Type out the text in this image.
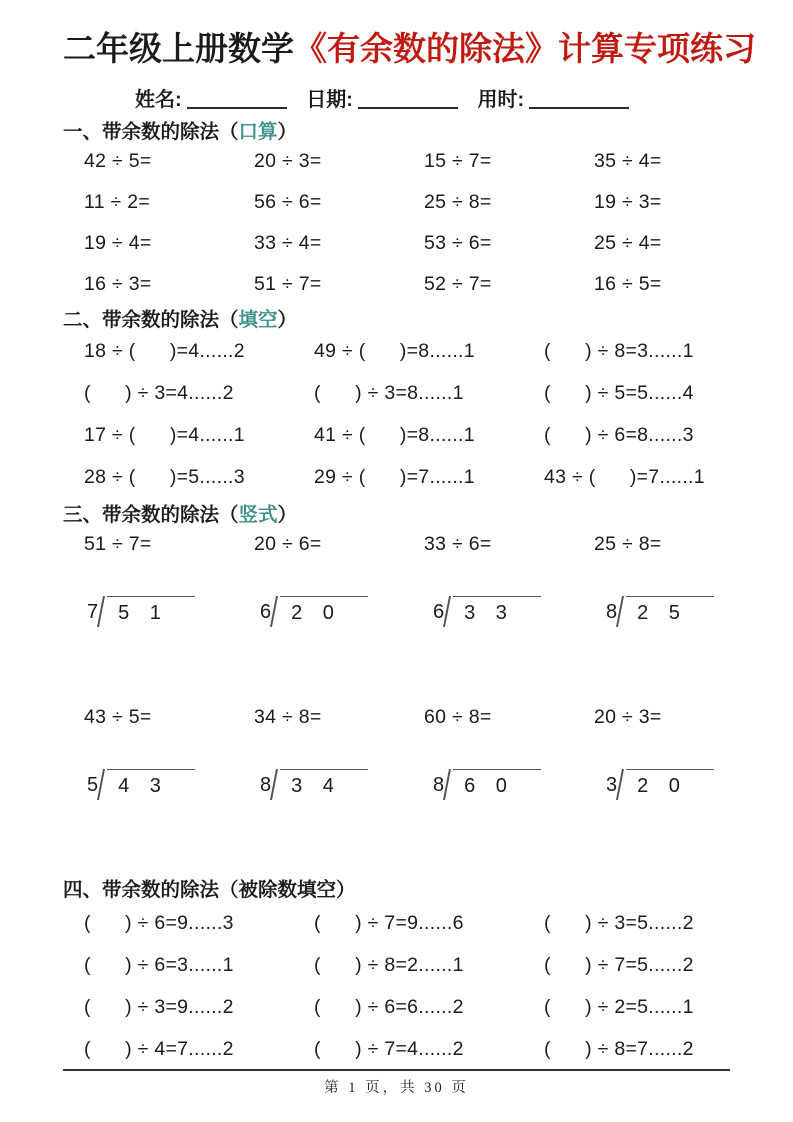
二年级上册数学《有余数的除法》计算专项练习
姓名:	日期:	用时:
一、带余数的除法（口算）
42 ÷ 5=	20 ÷ 3=	15 ÷ 7=	35 ÷ 4=
11 ÷ 2=	56 ÷ 6=	25 ÷ 8=	19 ÷ 3=
19 ÷ 4=	33 ÷ 4=	53 ÷ 6=	25 ÷ 4=
16 ÷ 3=	51 ÷ 7=	52 ÷ 7=	16 ÷ 5=
二、带余数的除法（填空）
18 ÷ (      )=4......2	49 ÷ (      )=8......1	(      ) ÷ 8=3......1
(      ) ÷ 3=4......2	(      ) ÷ 3=8......1	(      ) ÷ 5=5......4
17 ÷ (      )=4......1	41 ÷ (      )=8......1	(      ) ÷ 6=8......3
28 ÷ (      )=5......3	29 ÷ (      )=7......1	43 ÷ (      )=7......1
三、带余数的除法（竖式）
51 ÷ 7=	20 ÷ 6=	33 ÷ 6=	25 ÷ 8=
7	5 1	6	2 0	6	3 3	8	2 5
43 ÷ 5=	34 ÷ 8=	60 ÷ 8=	20 ÷ 3=
5	4 3	8	3 4	8	6 0	3	2 0
四、带余数的除法（被除数填空）
(      ) ÷ 6=9......3	(      ) ÷ 7=9......6	(      ) ÷ 3=5......2
(      ) ÷ 6=3......1	(      ) ÷ 8=2......1	(      ) ÷ 7=5......2
(      ) ÷ 3=9......2	(      ) ÷ 6=6......2	(      ) ÷ 2=5......1
(      ) ÷ 4=7......2	(      ) ÷ 7=4......2	(      ) ÷ 8=7......2
第 1 页，共 30 页
